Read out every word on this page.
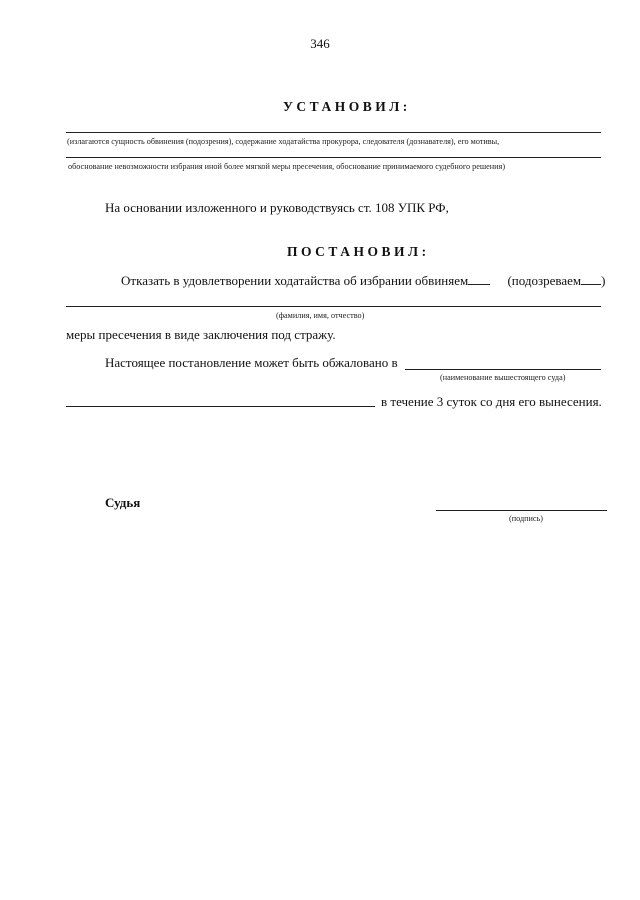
346
УСТАНОВИЛ:
(излагаются сущность обвинения (подозрения), содержание ходатайства прокурора, следователя (дознавателя), его мотивы,
обоснование невозможности избрания иной более мягкой меры пресечения, обоснование принимаемого судебного решения)
На основании изложенного и руководствуясь ст. 108 УПК РФ,
ПОСТАНОВИЛ:
Отказать в удовлетворении ходатайства об избрании обвиняем	(подозреваем )
(фамилия, имя, отчество)
меры пресечения в виде заключения под стражу.
Настоящее постановление может быть обжаловано в
(наименование вышестоящего суда)
в течение 3 суток со дня его вынесения.
Судья
(подпись)
